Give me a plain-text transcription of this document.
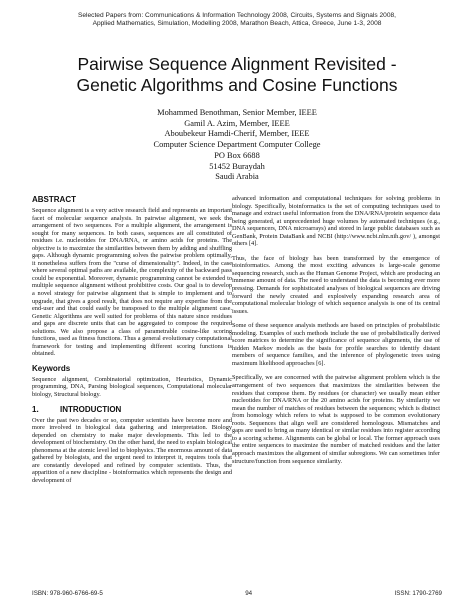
Selected Papers from: Communications & Information Technology 2008, Circuits, Systems and Signals 2008,
Applied Mathematics, Simulation, Modelling 2008, Marathon Beach, Attica, Greece, June 1-3, 2008
Pairwise Sequence Alignment Revisited -
Genetic Algorithms and Cosine Functions
Mohammed Benothman, Senior Member, IEEE
Gamil A. Azim, Member, IEEE
Aboubekeur Hamdi-Cherif, Member, IEEE
Computer Science Department Computer College
PO Box 6688
51452 Buraydah
Saudi Arabia
ABSTRACT

Sequence alignment is a very active research field and represents an important facet of molecular sequence analysis. In pairwise alignment, we seek the arrangement of two sequences. For a multiple alignment, the arrangement is sought for many sequences. In both cases, sequences are all constituted of residues i.e. nucleotides for DNA/RNA, or amino acids for proteins. The objective is to maximize the similarities between them by adding and shuffling gaps. Although dynamic programming solves the pairwise problem optimally, it nonetheless suffers from the "curse of dimensionality". Indeed, in the case where several optimal paths are available, the complexity of the backward pass could be exponential. Moreover, dynamic programming cannot be extended to multiple sequence alignment without prohibitive costs. Our goal is to develop a novel strategy for pairwise alignment that is simple to implement and to upgrade, that gives a good result, that does not require any expertise from the end-user and that could easily be transposed to the multiple alignment case. Genetic Algorithms are well suited for problems of this nature since residues and gaps are discrete units that can be aggregated to compose the required solutions. We also propose a class of parametrable cosine-like scoring functions, used as fitness functions. Thus a general evolutionary computational framework for testing and implementing different scoring functions is obtained.

Keywords

Sequence alignment, Combinatorial optimization, Heuristics, Dynamic programming, DNA, Parsing biological sequences, Computational molecular biology, Structural biology.

1.	INTRODUCTION

Over the past two decades or so, computer scientists have become more and more involved in biological data gathering and interpretation. Biology depended on chemistry to make major developments. This led to the development of biochemistry. On the other hand, the need to explain biological phenomena at the atomic level led to biophysics. The enormous amount of data gathered by biologists, and the urgent need to interpret it, requires tools that are constantly developed and refined by computer scientists. Thus, the apparition of a new discipline - bioinformatics which represents the design and development of

advanced information and computational techniques for solving problems in biology. Specifically, bioinformatics is the set of computing techniques used to manage and extract useful information from the DNA/RNA/protein sequence data being generated, at unprecedented huge volumes by automated techniques (e.g., DNA sequencers, DNA microarrays) and stored in large public databases such as GenBank, Protein DataBank and NCBI (http://www.ncbi.nlm.nih.gov/ ), amongst others [4].

Thus, the face of biology has been transformed by the emergence of bioinformatics. Among the most exciting advances is large-scale genome sequencing research, such as the Human Genome Project, which are producing an immense amount of data. The need to understand the data is becoming ever more pressing. Demands for sophisticated analyses of biological sequences are driving forward the newly created and explosively expanding research area of computational molecular biology of which sequence analysis is one of its central issues.

Some of these sequence analysis methods are based on principles of probabilistic modeling. Examples of such methods include the use of probabilistically derived score matrices to determine the significance of sequence alignments, the use of hidden Markov models as the basis for profile searches to identify distant members of sequence families, and the inference of phylogenetic trees using maximum likelihood approaches [6].

Specifically, we are concerned with the pairwise alignment problem which is the arrangement of two sequences that maximizes the similarities between the residues that compose them. By residues (or character) we usually mean either nucleotides for DNA/RNA or the 20 amino acids for proteins. By similarity we mean the number of matches of residues between the sequences; which is distinct from homology which refers to what is supposed to be common evolutionary roots. Sequences that align well are considered homologous. Mismatches and gaps are used to bring as many identical or similar residues into register according to a scoring scheme. Alignments can be global or local. The former approach uses the entire sequences to maximize the number of matched residues and the latter approach maximizes the alignment of similar subregions. We can sometimes infer structure/function from sequence similarity.

ISBN: 978-960-6766-69-5	94	ISSN: 1790-2769
